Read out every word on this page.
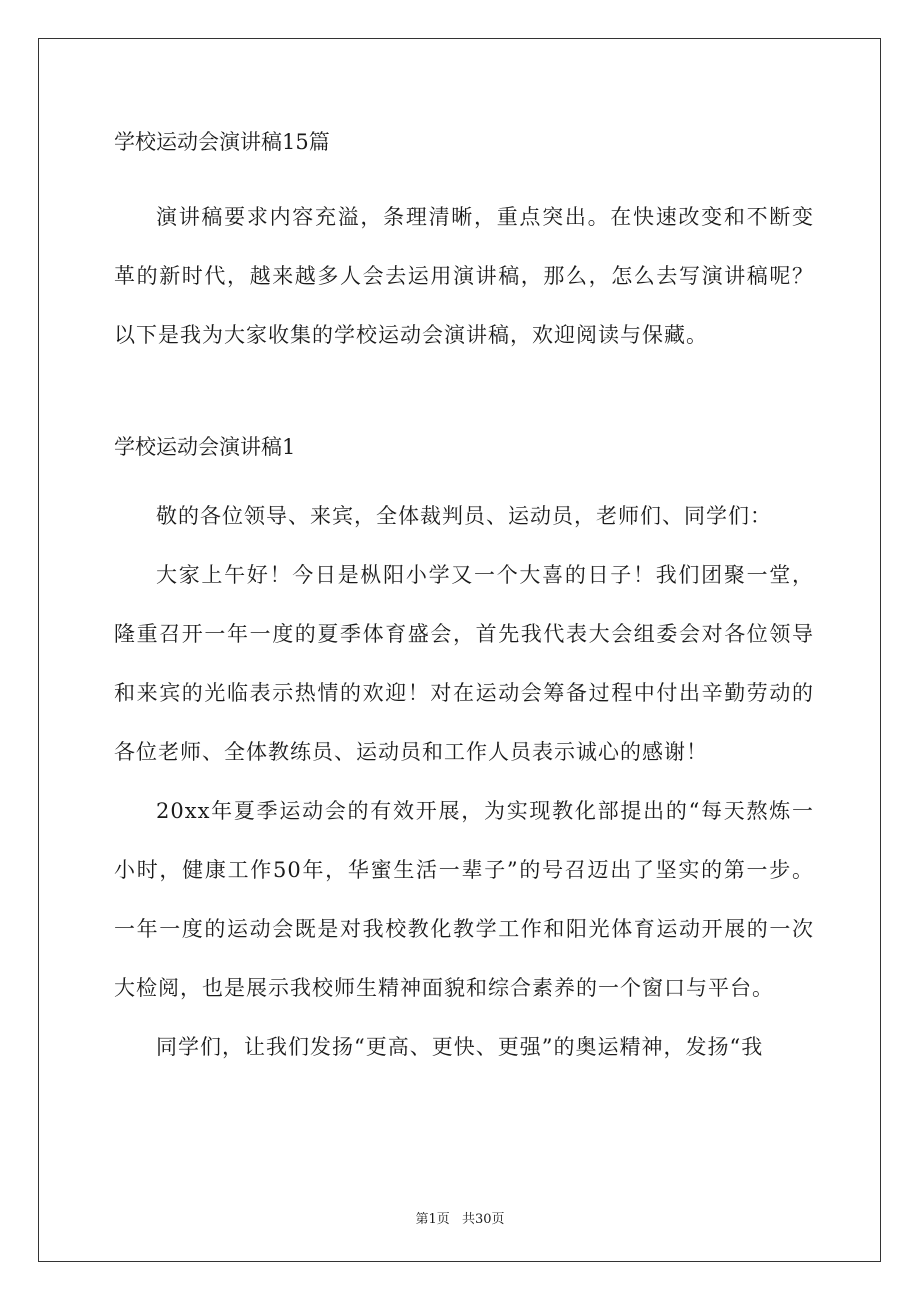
学校运动会演讲稿15篇

演讲稿要求内容充溢，条理清晰，重点突出。在快速改变和不断变革的新时代，越来越多人会去运用演讲稿，那么，怎么去写演讲稿呢？以下是我为大家收集的学校运动会演讲稿，欢迎阅读与保藏。

学校运动会演讲稿1

敬的各位领导、来宾，全体裁判员、运动员，老师们、同学们：

大家上午好！今日是枞阳小学又一个大喜的日子！我们团聚一堂，隆重召开一年一度的夏季体育盛会，首先我代表大会组委会对各位领导和来宾的光临表示热情的欢迎！对在运动会筹备过程中付出辛勤劳动的各位老师、全体教练员、运动员和工作人员表示诚心的感谢！

20xx年夏季运动会的有效开展，为实现教化部提出的“每天熬炼一小时，健康工作50年，华蜜生活一辈子”的号召迈出了坚实的第一步。一年一度的运动会既是对我校教化教学工作和阳光体育运动开展的一次大检阅，也是展示我校师生精神面貌和综合素养的一个窗口与平台。

同学们，让我们发扬“更高、更快、更强”的奥运精神，发扬“我

第1页 共30页
